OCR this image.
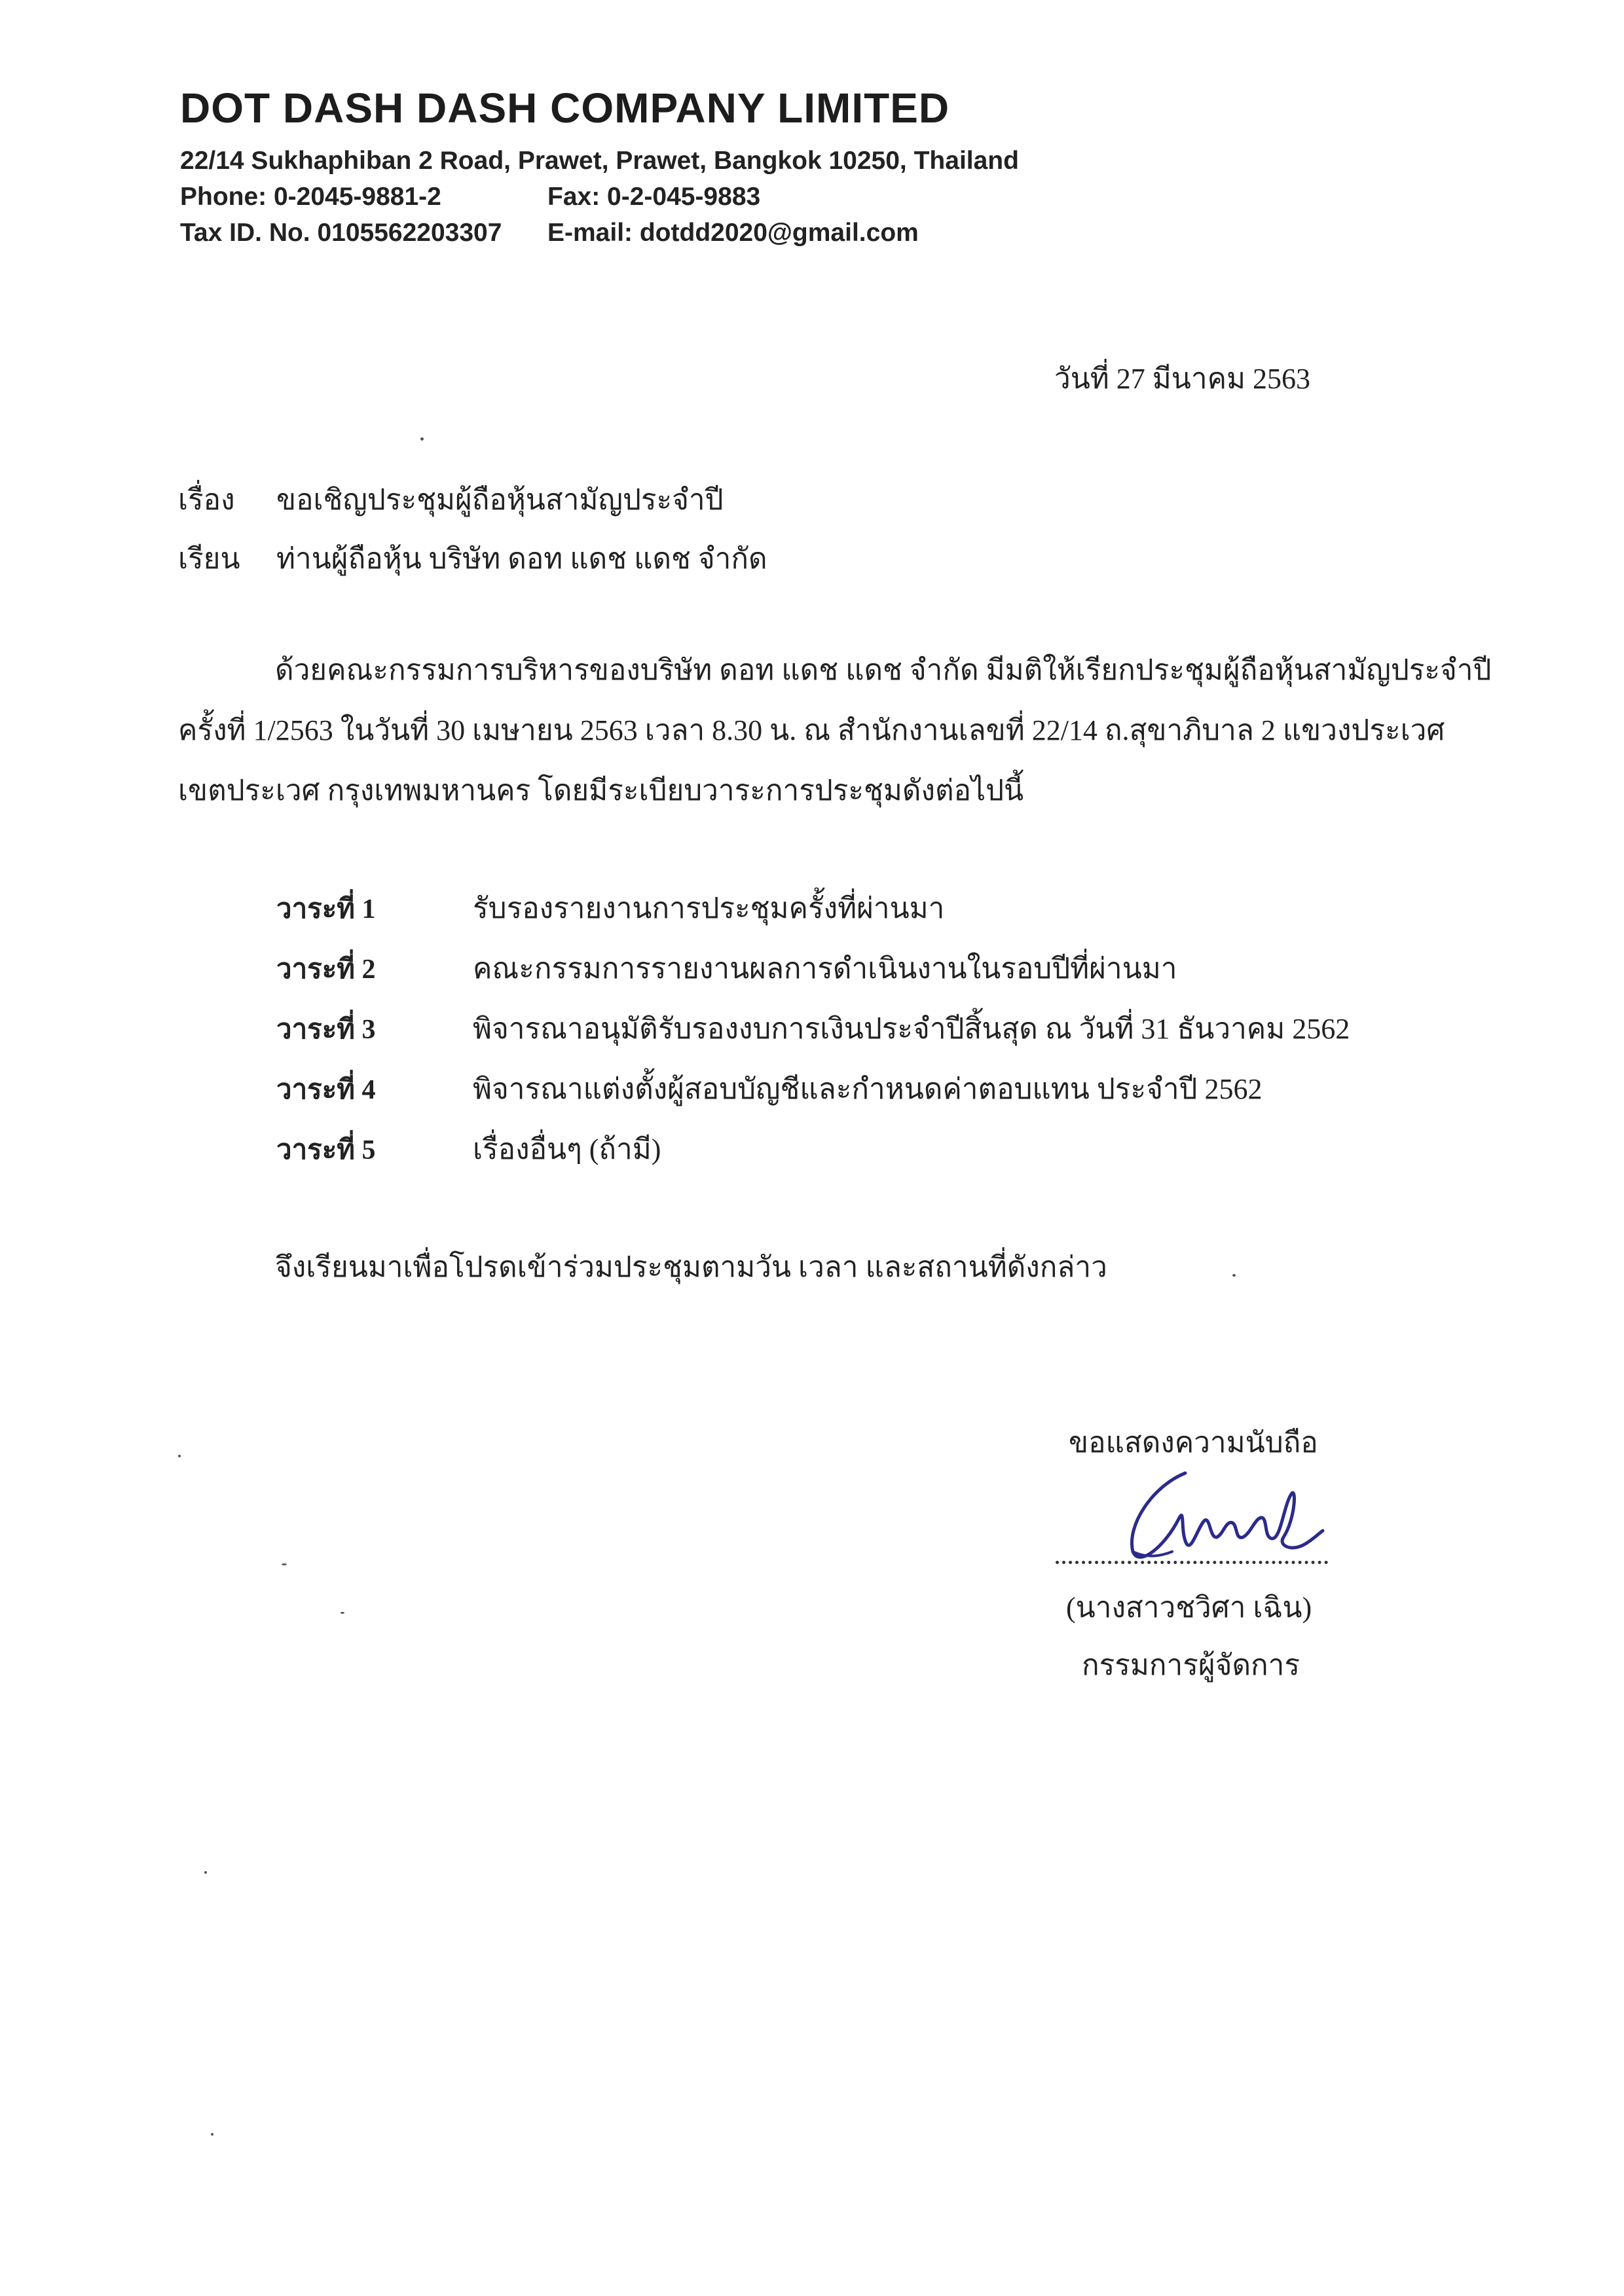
DOT DASH DASH COMPANY LIMITED
22/14 Sukhaphiban 2 Road, Prawet, Prawet, Bangkok 10250, Thailand
Phone: 0-2045-9881-2	Fax: 0-2-045-9883
Tax ID. No. 0105562203307 E-mail: dotdd2020@gmail.com
วันที่ 27 มีนาคม 2563
เรื่อง ขอเชิญประชุมผู้ถือหุ้นสามัญประจำปี
เรียน ท่านผู้ถือหุ้น บริษัท ดอท แดช แดช จำกัด
ด้วยคณะกรรมการบริหารของบริษัท ดอท แดช แดช จำกัด มีมติให้เรียกประชุมผู้ถือหุ้นสามัญประจำปี
ครั้งที่ 1/2563 ในวันที่ 30 เมษายน 2563 เวลา 8.30 น. ณ สำนักงานเลขที่ 22/14 ถ.สุขาภิบาล 2 แขวงประเวศ
เขตประเวศ กรุงเทพมหานคร โดยมีระเบียบวาระการประชุมดังต่อไปนี้
วาระที่ 1	รับรองรายงานการประชุมครั้งที่ผ่านมา
วาระที่ 2	คณะกรรมการรายงานผลการดำเนินงานในรอบปีที่ผ่านมา
วาระที่ 3	พิจารณาอนุมัติรับรองงบการเงินประจำปีสิ้นสุด ณ วันที่ 31 ธันวาคม 2562
วาระที่ 4	พิจารณาแต่งตั้งผู้สอบบัญชีและกำหนดค่าตอบแทน ประจำปี 2562
วาระที่ 5	เรื่องอื่นๆ (ถ้ามี)
จึงเรียนมาเพื่อโปรดเข้าร่วมประชุมตามวัน เวลา และสถานที่ดังกล่าว
ขอแสดงความนับถือ
(นางสาวชวิศา เฉิน)
กรรมการผู้จัดการ
